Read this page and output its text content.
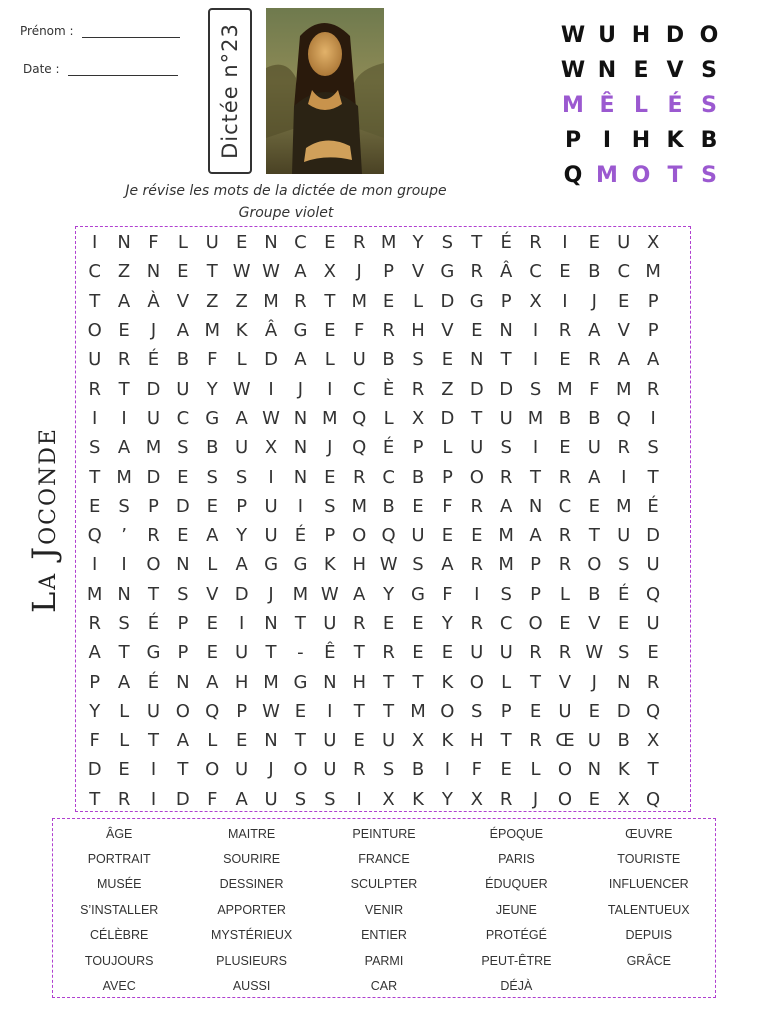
Prénom :
Date :	Dictée n°23	W U H D O
W N E V S
M Ê L É S
P I H K B
Q M O T S
Je révise les mots de la dictée de mon groupe
Groupe violet
La Joconde
I	N F	L U E N C E R M Y	S	T	É R	I	E U X
C Z N E	T W W A X	J	P V G R Â C E B C M
T A À V Z Z M R T M E	L D G P X	I	J	E	P
O E	J	A M K Â G E	F R H V E N	I	R A V P
U R É B	F	L D A	L U B S E N T	I	E R A A
R T D U Y W I	J	I	C È R Z D D S M F M R
I	I	U C G A W N M Q L	X D T U M B B Q	I
S A M S B U X N	J	Q É	P	L U S	I	E U R S
T M D E S S	I	N E R C B P O R T R A	I	T
E S	P D E	P U	I	S M B E	F R A N C E M É
Q	’	R E A Y U É	P O Q U E	E M A R T U D
I	I	O N L	A G G K H W S A R M P R O S U
M N T	S V D	J	M W A Y G F	I	S	P	L	B É Q
R S É	P	E	I	N T U R E	E	Y R C O E V E U
A T G P	E U T	-	Ê	T R E	E U U R R W S E
P A É N A H M G N H T	T K O L	T V	J	N R
Y	L U O Q P W E	I	T	T M O S	P	E U E D Q
F	L	T A	L	E N T U E U X K H T R Œ U B X
D E	I	T O U	J	O U R S B	I	F	E	L O N K T
T R	I	D F	A U S S	I	X K Y X R	J	O E X Q
ÂGE	MAITRE	PEINTURE	ÉPOQUE	ŒUVRE
PORTRAIT	SOURIRE	FRANCE	PARIS	TOURISTE
MUSÉE	DESSINER	SCULPTER	ÉDUQUER	INFLUENCER
S’INSTALLER	APPORTER	VENIR	JEUNE	TALENTUEUX
CÉLÈBRE	MYSTÉRIEUX	ENTIER	PROTÉGÉ	DEPUIS
TOUJOURS	PLUSIEURS	PARMI	PEUT-ÊTRE	GRÂCE
AVEC	AUSSI	CAR	DÉJÀ
